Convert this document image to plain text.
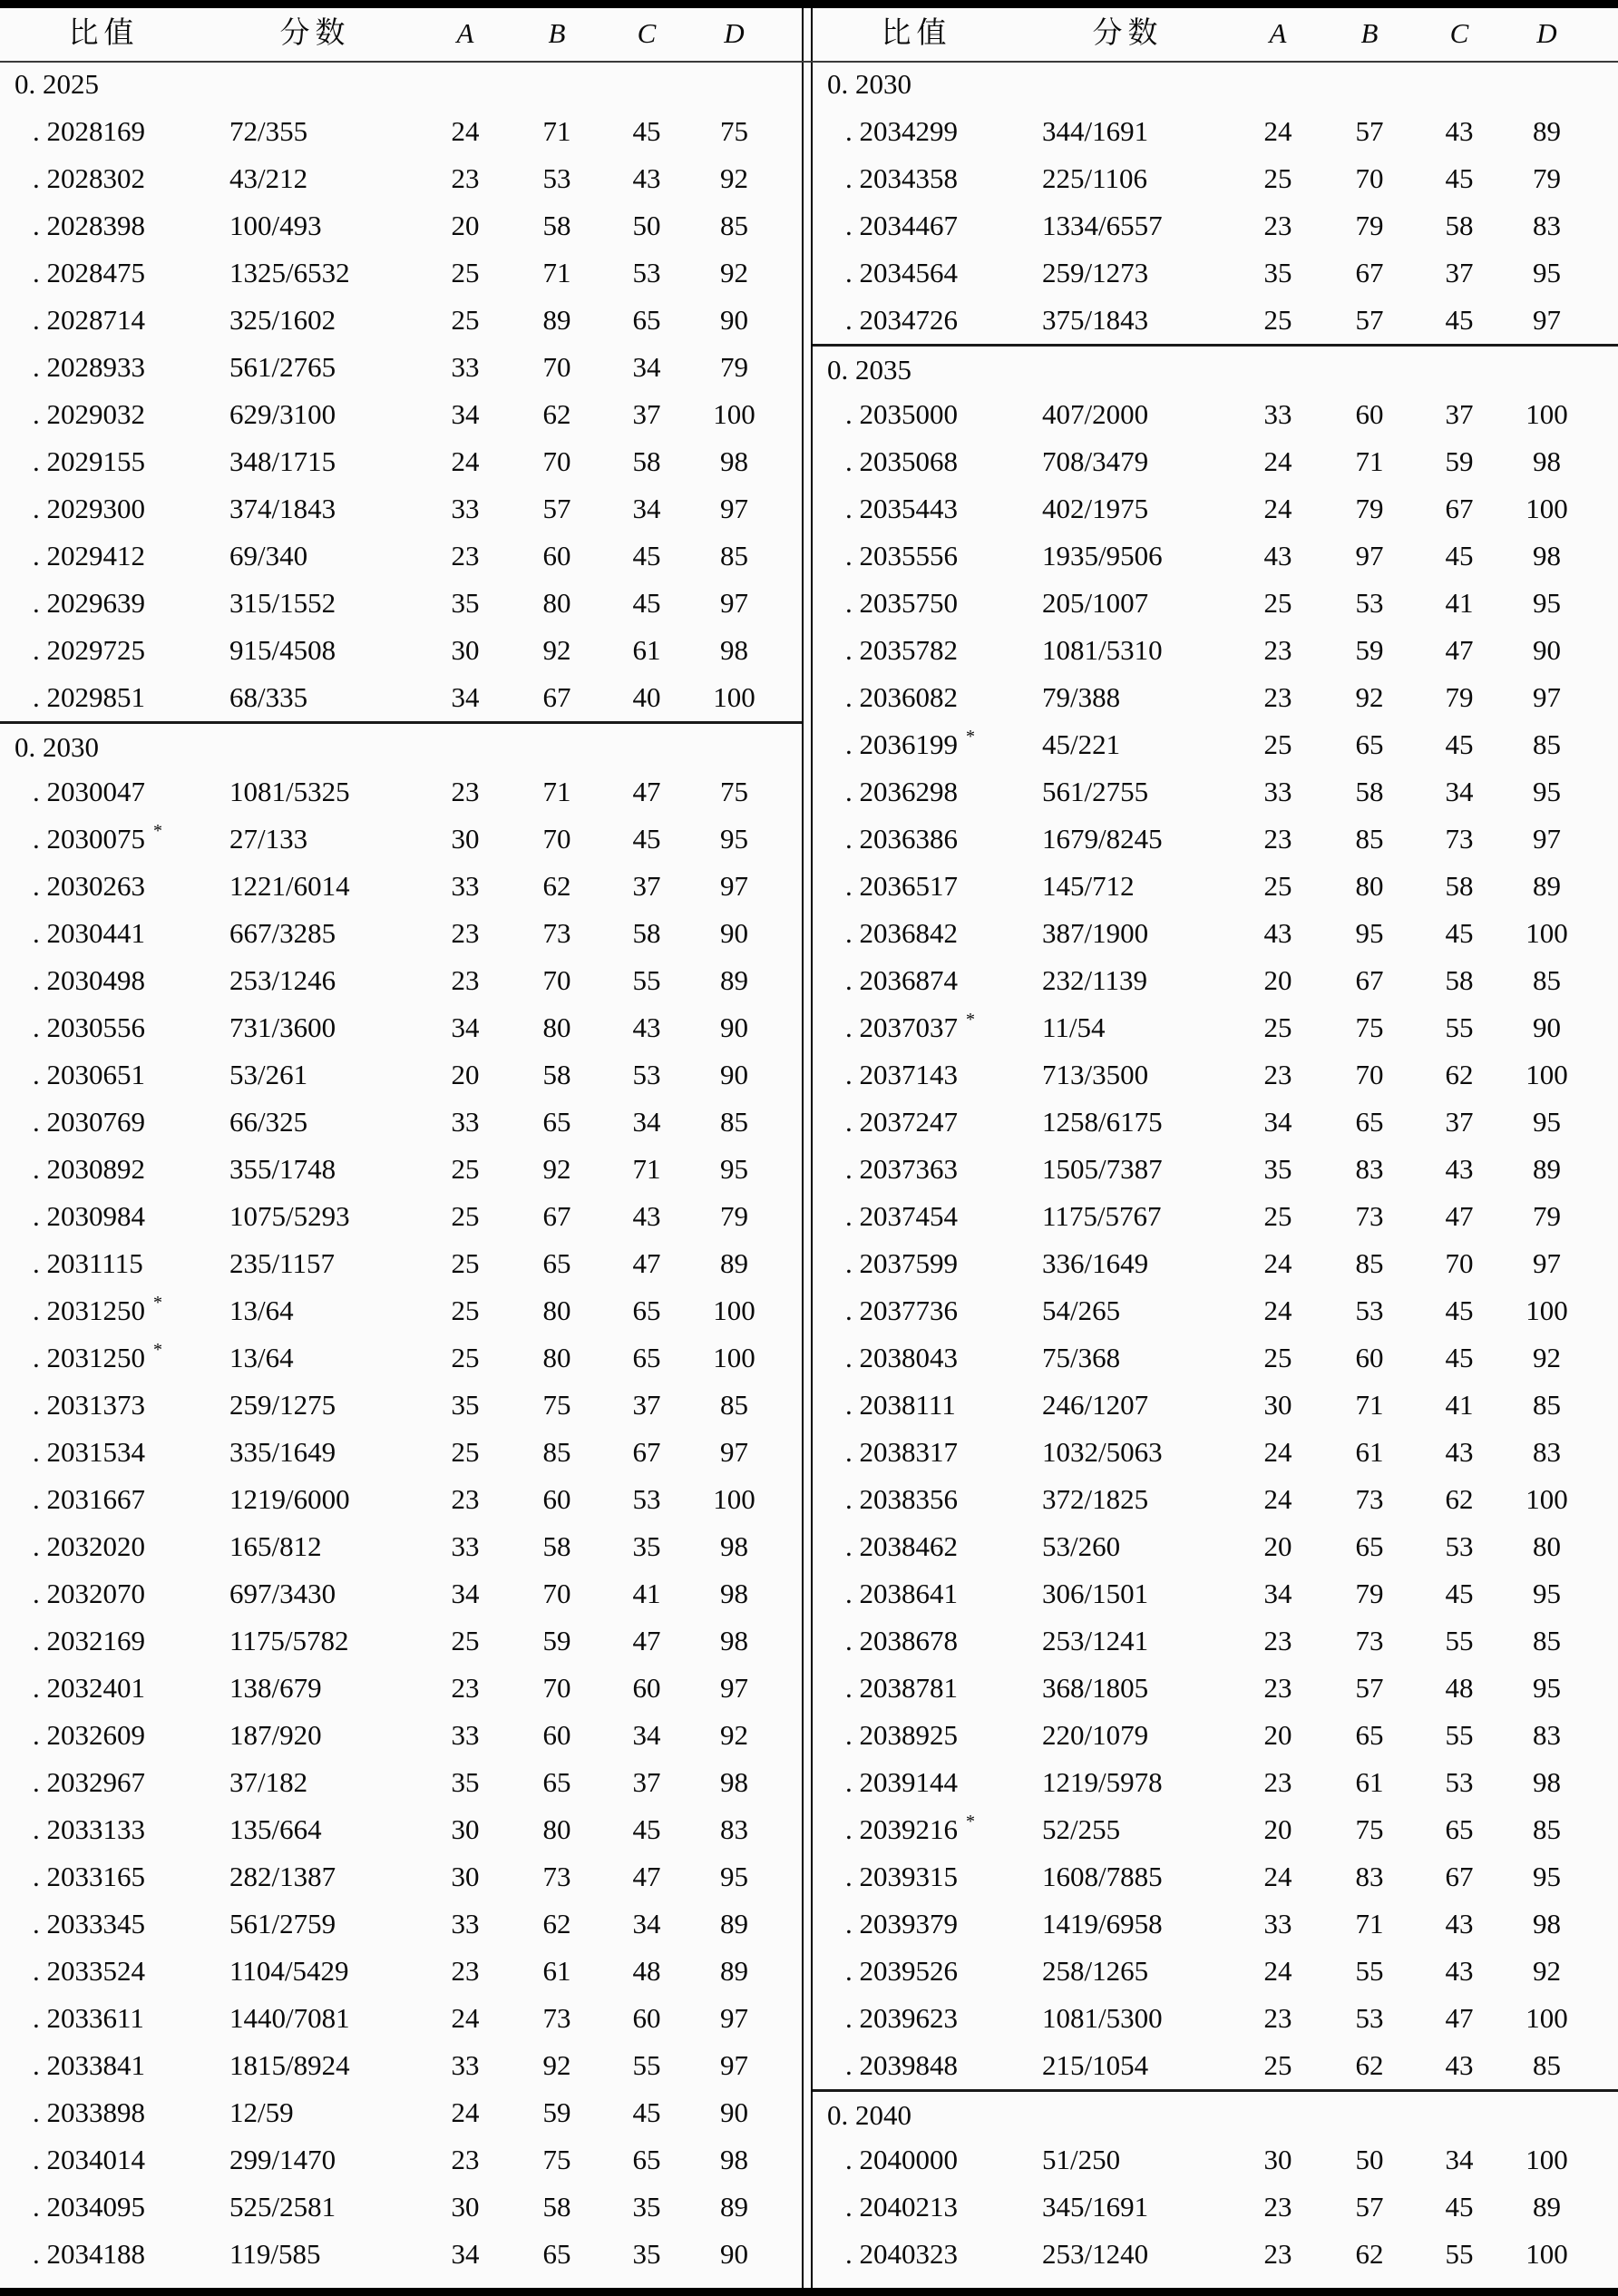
比值	分数	A	B	C	D
0. 2025
. 2028169	72/355	24	71	45	75
. 2028302	43/212	23	53	43	92
. 2028398	100/493	20	58	50	85
. 2028475	1325/6532	25	71	53	92
. 2028714	325/1602	25	89	65	90
. 2028933	561/2765	33	70	34	79
. 2029032	629/3100	34	62	37	100
. 2029155	348/1715	24	70	58	98
. 2029300	374/1843	33	57	34	97
. 2029412	69/340	23	60	45	85
. 2029639	315/1552	35	80	45	97
. 2029725	915/4508	30	92	61	98
. 2029851	68/335	34	67	40	100
0. 2030
. 2030047	1081/5325	23	71	47	75
. 2030075 *	27/133	30	70	45	95
. 2030263	1221/6014	33	62	37	97
. 2030441	667/3285	23	73	58	90
. 2030498	253/1246	23	70	55	89
. 2030556	731/3600	34	80	43	90
. 2030651	53/261	20	58	53	90
. 2030769	66/325	33	65	34	85
. 2030892	355/1748	25	92	71	95
. 2030984	1075/5293	25	67	43	79
. 2031115	235/1157	25	65	47	89
. 2031250 *	13/64	25	80	65	100
. 2031250 *	13/64	25	80	65	100
. 2031373	259/1275	35	75	37	85
. 2031534	335/1649	25	85	67	97
. 2031667	1219/6000	23	60	53	100
. 2032020	165/812	33	58	35	98
. 2032070	697/3430	34	70	41	98
. 2032169	1175/5782	25	59	47	98
. 2032401	138/679	23	70	60	97
. 2032609	187/920	33	60	34	92
. 2032967	37/182	35	65	37	98
. 2033133	135/664	30	80	45	83
. 2033165	282/1387	30	73	47	95
. 2033345	561/2759	33	62	34	89
. 2033524	1104/5429	23	61	48	89
. 2033611	1440/7081	24	73	60	97
. 2033841	1815/8924	33	92	55	97
. 2033898	12/59	24	59	45	90
. 2034014	299/1470	23	75	65	98
. 2034095	525/2581	30	58	35	89
. 2034188	119/585	34	65	35	90
比值	分数	A	B	C	D
0. 2030
. 2034299	344/1691	24	57	43	89
. 2034358	225/1106	25	70	45	79
. 2034467	1334/6557	23	79	58	83
. 2034564	259/1273	35	67	37	95
. 2034726	375/1843	25	57	45	97
0. 2035
. 2035000	407/2000	33	60	37	100
. 2035068	708/3479	24	71	59	98
. 2035443	402/1975	24	79	67	100
. 2035556	1935/9506	43	97	45	98
. 2035750	205/1007	25	53	41	95
. 2035782	1081/5310	23	59	47	90
. 2036082	79/388	23	92	79	97
. 2036199 *	45/221	25	65	45	85
. 2036298	561/2755	33	58	34	95
. 2036386	1679/8245	23	85	73	97
. 2036517	145/712	25	80	58	89
. 2036842	387/1900	43	95	45	100
. 2036874	232/1139	20	67	58	85
. 2037037 *	11/54	25	75	55	90
. 2037143	713/3500	23	70	62	100
. 2037247	1258/6175	34	65	37	95
. 2037363	1505/7387	35	83	43	89
. 2037454	1175/5767	25	73	47	79
. 2037599	336/1649	24	85	70	97
. 2037736	54/265	24	53	45	100
. 2038043	75/368	25	60	45	92
. 2038111	246/1207	30	71	41	85
. 2038317	1032/5063	24	61	43	83
. 2038356	372/1825	24	73	62	100
. 2038462	53/260	20	65	53	80
. 2038641	306/1501	34	79	45	95
. 2038678	253/1241	23	73	55	85
. 2038781	368/1805	23	57	48	95
. 2038925	220/1079	20	65	55	83
. 2039144	1219/5978	23	61	53	98
. 2039216 *	52/255	20	75	65	85
. 2039315	1608/7885	24	83	67	95
. 2039379	1419/6958	33	71	43	98
. 2039526	258/1265	24	55	43	92
. 2039623	1081/5300	23	53	47	100
. 2039848	215/1054	25	62	43	85
0. 2040
. 2040000	51/250	30	50	34	100
. 2040213	345/1691	23	57	45	89
. 2040323	253/1240	23	62	55	100
